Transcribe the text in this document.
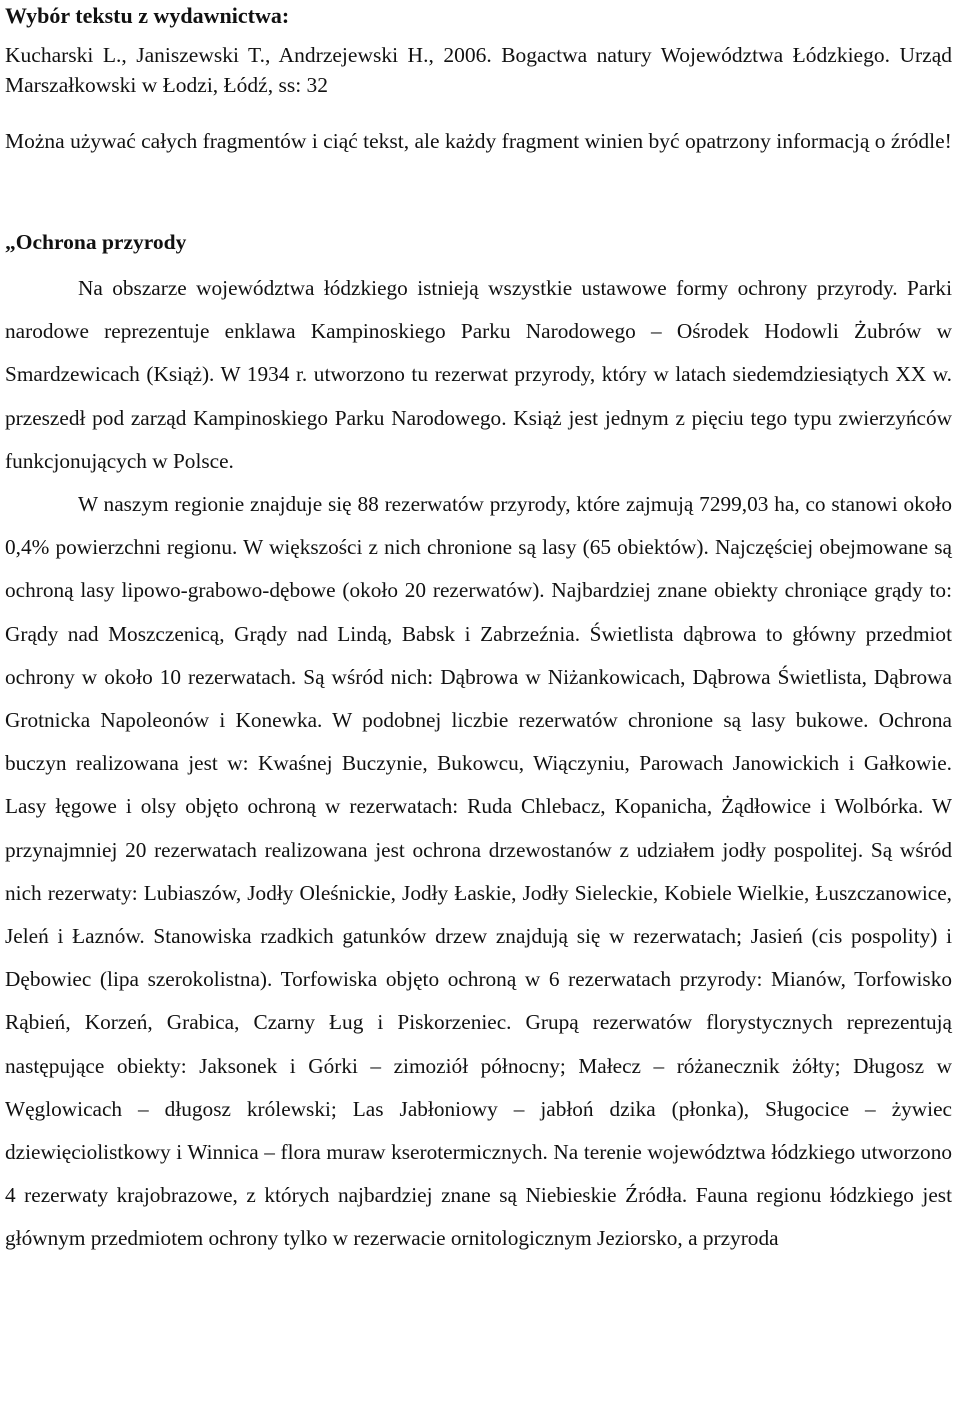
Wybór tekstu z wydawnictwa:

Kucharski L., Janiszewski T., Andrzejewski H., 2006. Bogactwa natury Województwa Łódzkiego. Urząd Marszałkowski w Łodzi, Łódź, ss: 32

Można używać całych fragmentów i ciąć tekst, ale każdy fragment winien być opatrzony informacją o źródle!

„Ochrona przyrody

Na obszarze województwa łódzkiego istnieją wszystkie ustawowe formy ochrony przyrody. Parki narodowe reprezentuje enklawa Kampinoskiego Parku Narodowego – Ośrodek Hodowli Żubrów w Smardzewicach (Książ). W 1934 r. utworzono tu rezerwat przyrody, który w latach siedemdziesiątych XX w. przeszedł pod zarząd Kampinoskiego Parku Narodowego. Książ jest jednym z pięciu tego typu zwierzyńców funkcjonujących w Polsce.

W naszym regionie znajduje się 88 rezerwatów przyrody, które zajmują 7299,03 ha, co stanowi około 0,4% powierzchni regionu. W większości z nich chronione są lasy (65 obiektów). Najczęściej obejmowane są ochroną lasy lipowo-grabowo-dębowe (około 20 rezerwatów). Najbardziej znane obiekty chroniące grądy to: Grądy nad Moszczenicą, Grądy nad Lindą, Babsk i Zabrzeźnia. Świetlista dąbrowa to główny przedmiot ochrony w około 10 rezerwatach. Są wśród nich: Dąbrowa w Niżankowicach, Dąbrowa Świetlista, Dąbrowa Grotnicka Napoleonów i Konewka. W podobnej liczbie rezerwatów chronione są lasy bukowe. Ochrona buczyn realizowana jest w: Kwaśnej Buczynie, Bukowcu, Wiączyniu, Parowach Janowickich i Gałkowie. Lasy łęgowe i olsy objęto ochroną w rezerwatach: Ruda Chlebacz, Kopanicha, Żądłowice i Wolbórka. W przynajmniej 20 rezerwatach realizowana jest ochrona drzewostanów z udziałem jodły pospolitej. Są wśród nich rezerwaty: Lubiaszów, Jodły Oleśnickie, Jodły Łaskie, Jodły Sieleckie, Kobiele Wielkie, Łuszczanowice, Jeleń i Łaznów. Stanowiska rzadkich gatunków drzew znajdują się w rezerwatach; Jasień (cis pospolity) i Dębowiec (lipa szerokolistna). Torfowiska objęto ochroną w 6 rezerwatach przyrody: Mianów, Torfowisko Rąbień, Korzeń, Grabica, Czarny Ług i Piskorzeniec. Grupą rezerwatów florystycznych reprezentują następujące obiekty: Jaksonek i Górki – zimoziół północny; Małecz – różanecznik żółty; Długosz w Węglowicach – długosz królewski; Las Jabłoniowy – jabłoń dzika (płonka), Sługocice – żywiec dziewięciolistkowy i Winnica – flora muraw kserotermicznych. Na terenie województwa łódzkiego utworzono 4 rezerwaty krajobrazowe, z których najbardziej znane są Niebieskie Źródła. Fauna regionu łódzkiego jest głównym przedmiotem ochrony tylko w rezerwacie ornitologicznym Jeziorsko, a przyroda
